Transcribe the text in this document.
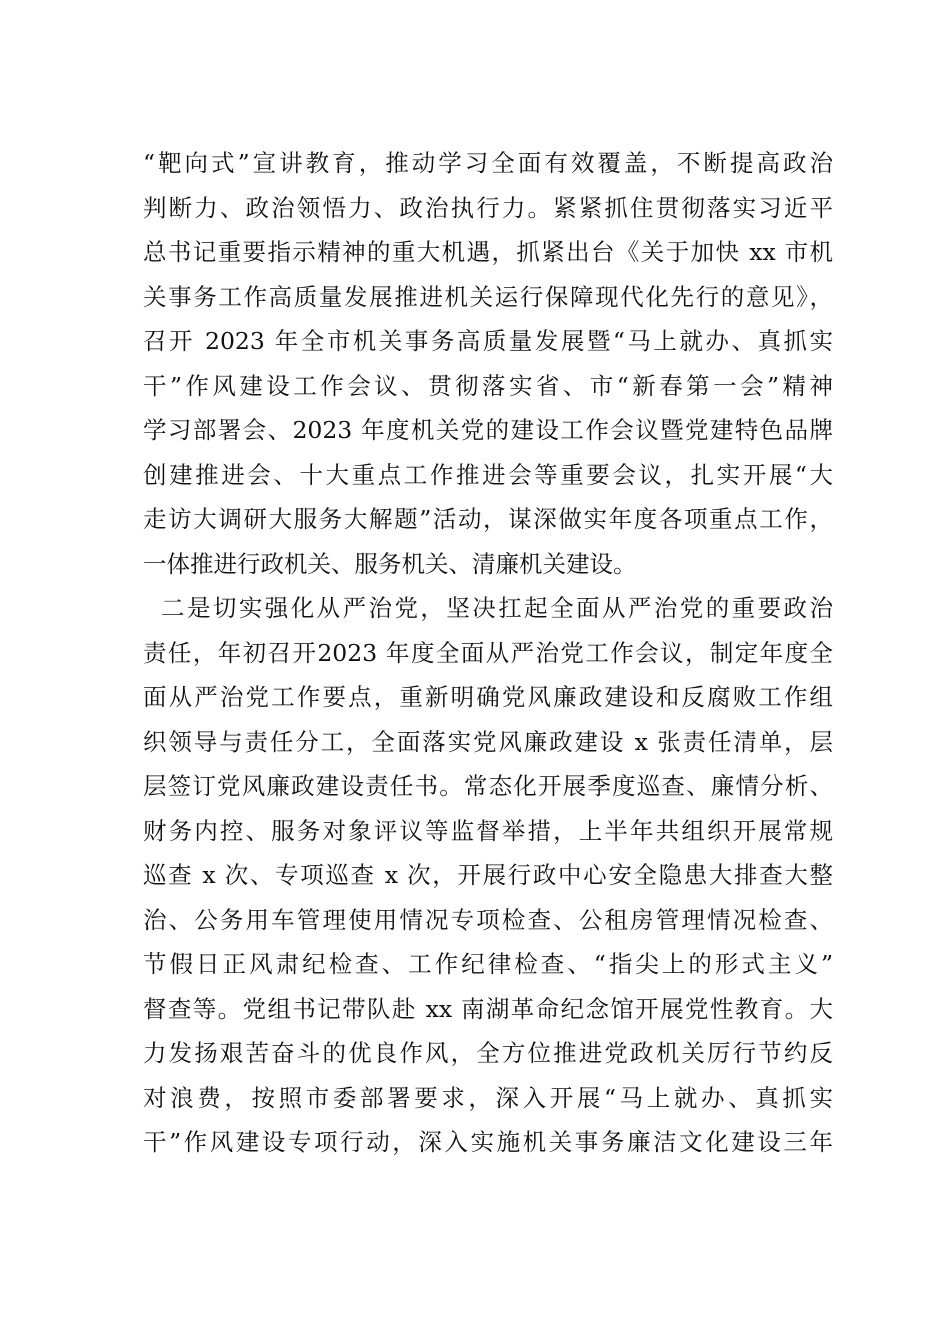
“靶向式”宣讲教育，推动学习全面有效覆盖，不断提高政治
判断力、政治领悟力、政治执行力。紧紧抓住贯彻落实习近平
总书记重要指示精神的重大机遇，抓紧出台《关于加快 xx 市机
关事务工作高质量发展推进机关运行保障现代化先行的意见》，
召开 2023 年全市机关事务高质量发展暨“马上就办、真抓实
干”作风建设工作会议、贯彻落实省、市“新春第一会”精神
学习部署会、2023 年度机关党的建设工作会议暨党建特色品牌
创建推进会、十大重点工作推进会等重要会议，扎实开展“大
走访大调研大服务大解题”活动，谋深做实年度各项重点工作，
一体推进行政机关、服务机关、清廉机关建设。
二是切实强化从严治党，坚决扛起全面从严治党的重要政治
责任，年初召开2023 年度全面从严治党工作会议，制定年度全
面从严治党工作要点，重新明确党风廉政建设和反腐败工作组
织领导与责任分工，全面落实党风廉政建设 x 张责任清单，层
层签订党风廉政建设责任书。常态化开展季度巡查、廉情分析、
财务内控、服务对象评议等监督举措，上半年共组织开展常规
巡查 x 次、专项巡查 x 次，开展行政中心安全隐患大排查大整
治、公务用车管理使用情况专项检查、公租房管理情况检查、
节假日正风肃纪检查、工作纪律检查、“指尖上的形式主义”
督查等。党组书记带队赴 xx 南湖革命纪念馆开展党性教育。大
力发扬艰苦奋斗的优良作风，全方位推进党政机关厉行节约反
对浪费，按照市委部署要求，深入开展“马上就办、真抓实
干”作风建设专项行动，深入实施机关事务廉洁文化建设三年
